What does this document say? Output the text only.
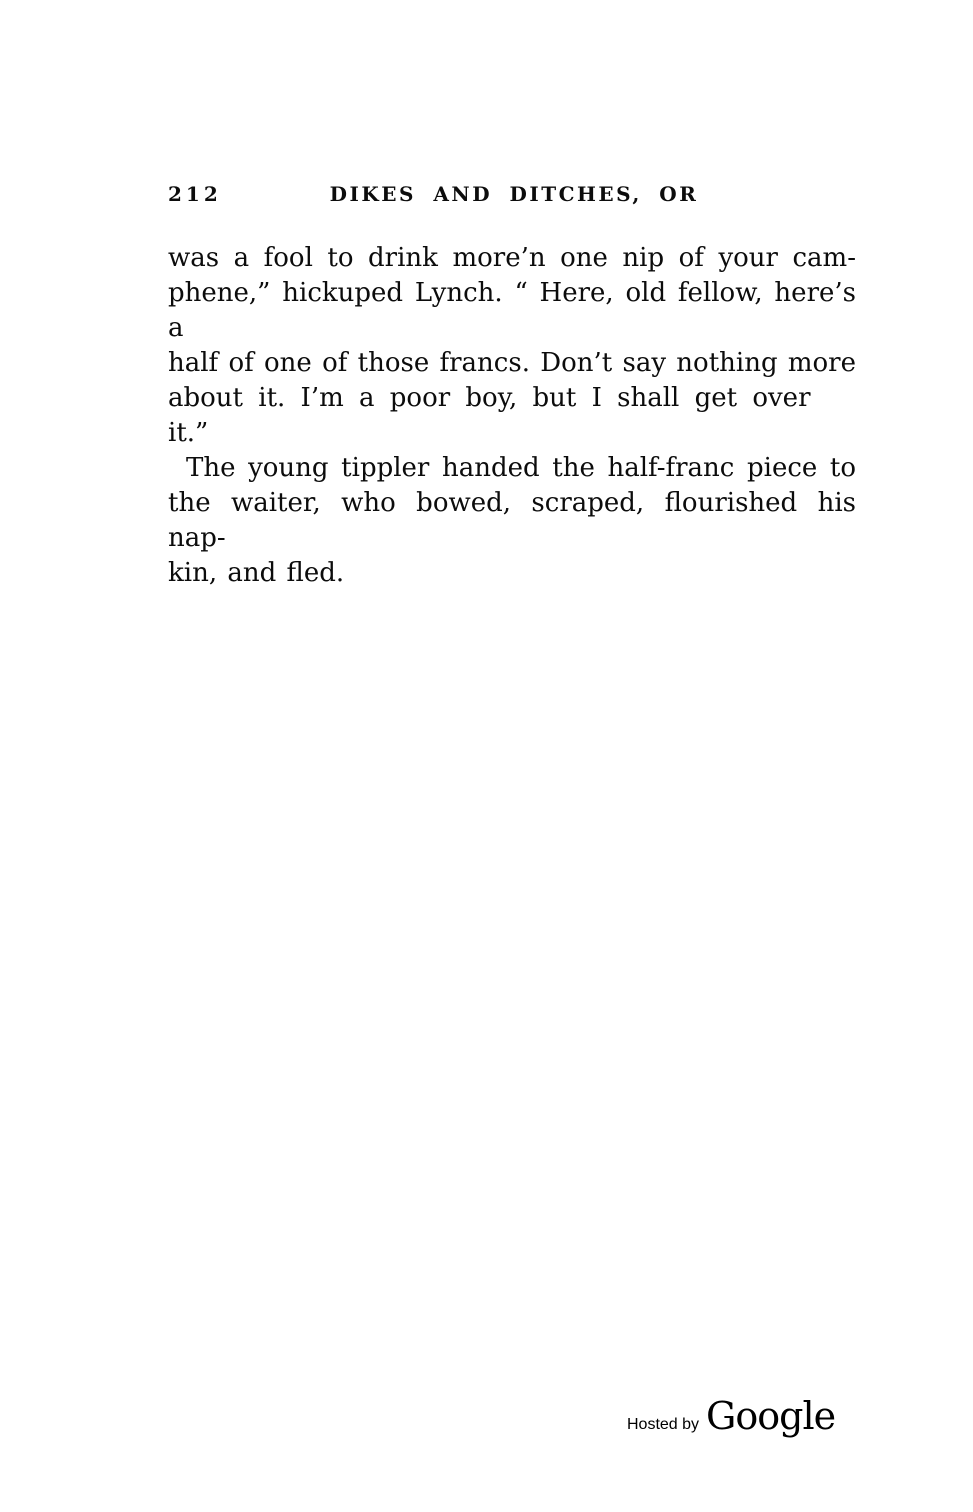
212	DIKES AND DITCHES, OR
was a fool to drink more’n one nip of your cam-
phene,” hickuped Lynch. “ Here, old fellow, here’s a
half of one of those francs. Don’t say nothing more
about it. I’m a poor boy, but I shall get over it.”
The young tippler handed the half-franc piece to
the waiter, who bowed, scraped, flourished his nap-
kin, and fled.
Hosted by Google
